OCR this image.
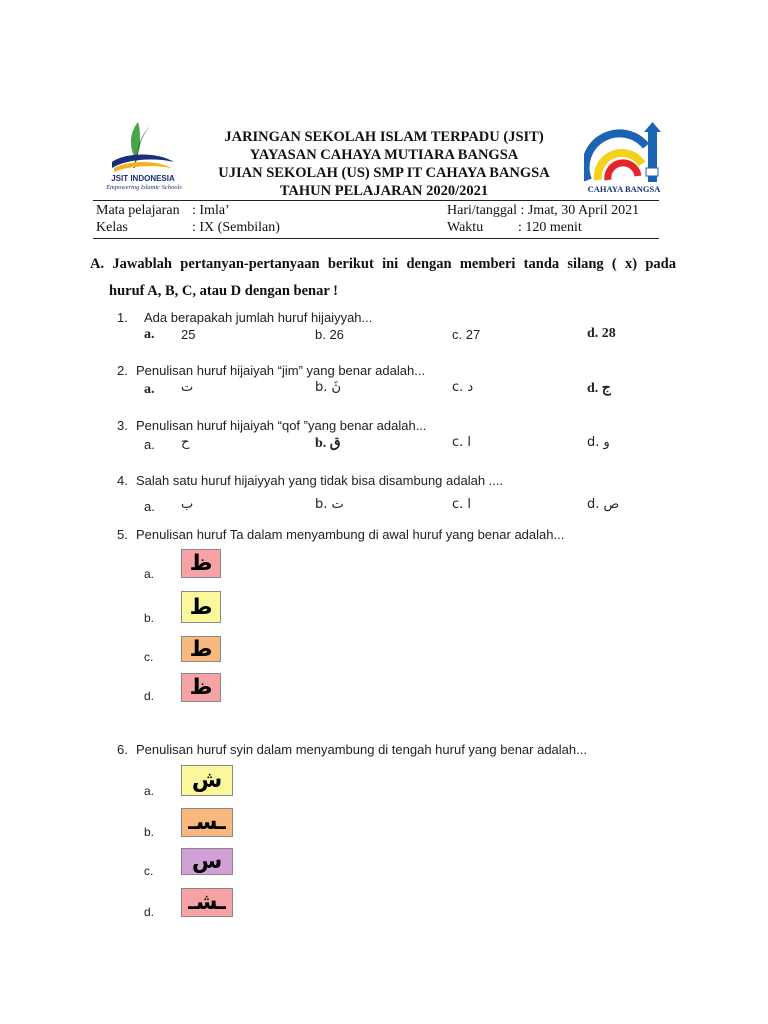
JSIT INDONESIA
Empowering Islamic Schools	CAHAYA BANGSA
JARINGAN SEKOLAH ISLAM TERPADU (JSIT)
YAYASAN CAHAYA MUTIARA BANGSA
UJIAN SEKOLAH (US) SMP IT CAHAYA BANGSA
TAHUN PELAJARAN 2020/2021
Mata pelajaran : Imla’	Hari/tanggal : Jmat, 30 April 2021
Kelas	: IX (Sembilan)	Waktu : 120 menit
A. Jawablah pertanyan-pertanyaan berikut ini dengan memberi tanda silang ( x) pada
huruf A, B, C, atau D dengan benar !
1. Ada berapakah jumlah huruf hijaiyyah...
a. 25	b. 26	c. 27	d. 28
2. Penulisan huruf hijaiyah “jim” yang benar adalah...
a. ت	b. ڽَ	c. د	d. ج
3. Penulisan huruf hijaiyah “qof ”yang benar adalah...
a. ح	b. ق	c. ا	d. و
4. Salah satu huruf hijaiyyah yang tidak bisa disambung adalah ....
a. ب	b. ت	c. ا	d. ص
5. Penulisan huruf Ta dalam menyambung di awal huruf yang benar adalah...
a.	ظ
b.	ط
c.	ط
d.	ظ
6. Penulisan huruf syin dalam menyambung di tengah huruf yang benar adalah...
a.	ش
b.	ـسـ
c.	س
d.	ـشـ
